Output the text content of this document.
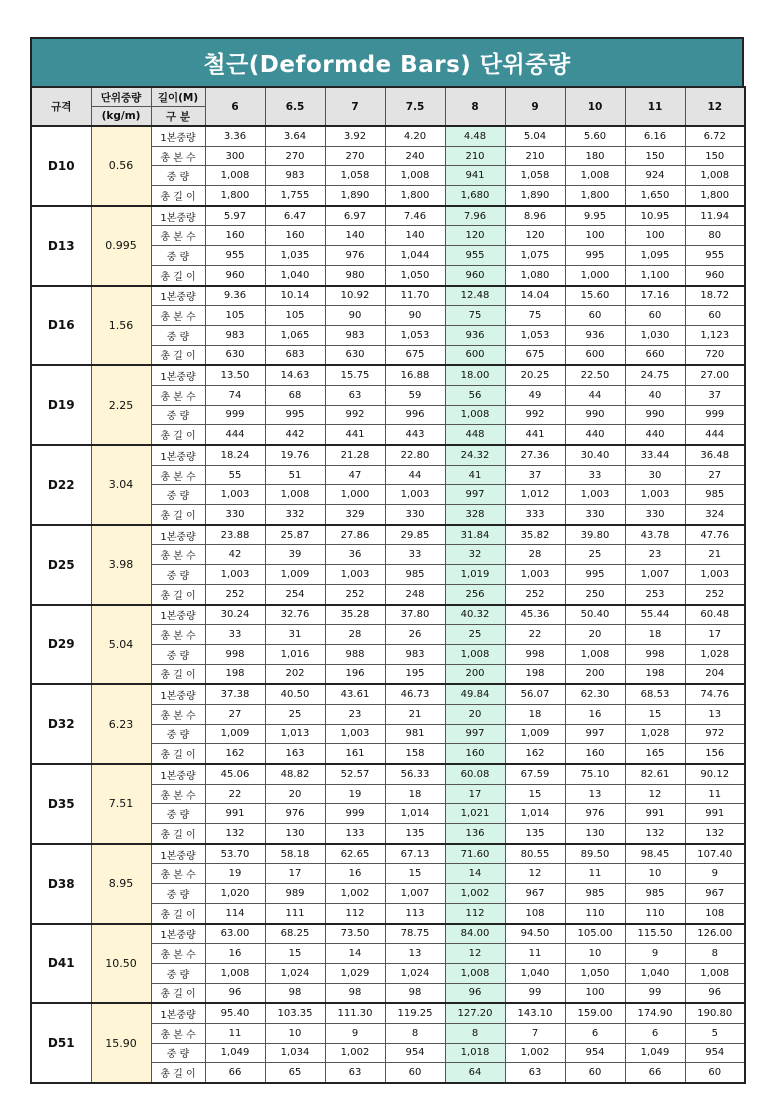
철근(Deformde Bars) 단위중량
규격	단위중량	길이(M)	6	6.5	7	7.5	8	9	10	11	12
	(kg/m)	구 분									
D10	0.56	1본중량	3.36	3.64	3.92	4.20	4.48	5.04	5.60	6.16	6.72
		총 본 수	300	270	270	240	210	210	180	150	150
		중 량	1,008	983	1,058	1,008	941	1,058	1,008	924	1,008
		총 길 이	1,800	1,755	1,890	1,800	1,680	1,890	1,800	1,650	1,800
D13	0.995	1본중량	5.97	6.47	6.97	7.46	7.96	8.96	9.95	10.95	11.94
		총 본 수	160	160	140	140	120	120	100	100	80
		중 량	955	1,035	976	1,044	955	1,075	995	1,095	955
		총 길 이	960	1,040	980	1,050	960	1,080	1,000	1,100	960
D16	1.56	1본중량	9.36	10.14	10.92	11.70	12.48	14.04	15.60	17.16	18.72
		총 본 수	105	105	90	90	75	75	60	60	60
		중 량	983	1,065	983	1,053	936	1,053	936	1,030	1,123
		총 길 이	630	683	630	675	600	675	600	660	720
D19	2.25	1본중량	13.50	14.63	15.75	16.88	18.00	20.25	22.50	24.75	27.00
		총 본 수	74	68	63	59	56	49	44	40	37
		중 량	999	995	992	996	1,008	992	990	990	999
		총 길 이	444	442	441	443	448	441	440	440	444
D22	3.04	1본중량	18.24	19.76	21.28	22.80	24.32	27.36	30.40	33.44	36.48
		총 본 수	55	51	47	44	41	37	33	30	27
		중 량	1,003	1,008	1,000	1,003	997	1,012	1,003	1,003	985
		총 길 이	330	332	329	330	328	333	330	330	324
D25	3.98	1본중량	23.88	25.87	27.86	29.85	31.84	35.82	39.80	43.78	47.76
		총 본 수	42	39	36	33	32	28	25	23	21
		중 량	1,003	1,009	1,003	985	1,019	1,003	995	1,007	1,003
		총 길 이	252	254	252	248	256	252	250	253	252
D29	5.04	1본중량	30.24	32.76	35.28	37.80	40.32	45.36	50.40	55.44	60.48
		총 본 수	33	31	28	26	25	22	20	18	17
		중 량	998	1,016	988	983	1,008	998	1,008	998	1,028
		총 길 이	198	202	196	195	200	198	200	198	204
D32	6.23	1본중량	37.38	40.50	43.61	46.73	49.84	56.07	62.30	68.53	74.76
		총 본 수	27	25	23	21	20	18	16	15	13
		중 량	1,009	1,013	1,003	981	997	1,009	997	1,028	972
		총 길 이	162	163	161	158	160	162	160	165	156
D35	7.51	1본중량	45.06	48.82	52.57	56.33	60.08	67.59	75.10	82.61	90.12
		총 본 수	22	20	19	18	17	15	13	12	11
		중 량	991	976	999	1,014	1,021	1,014	976	991	991
		총 길 이	132	130	133	135	136	135	130	132	132
D38	8.95	1본중량	53.70	58.18	62.65	67.13	71.60	80.55	89.50	98.45	107.40
		총 본 수	19	17	16	15	14	12	11	10	9
		중 량	1,020	989	1,002	1,007	1,002	967	985	985	967
		총 길 이	114	111	112	113	112	108	110	110	108
D41	10.50	1본중량	63.00	68.25	73.50	78.75	84.00	94.50	105.00	115.50	126.00
		총 본 수	16	15	14	13	12	11	10	9	8
		중 량	1,008	1,024	1,029	1,024	1,008	1,040	1,050	1,040	1,008
		총 길 이	96	98	98	98	96	99	100	99	96
D51	15.90	1본중량	95.40	103.35	111.30	119.25	127.20	143.10	159.00	174.90	190.80
		총 본 수	11	10	9	8	8	7	6	6	5
		중 량	1,049	1,034	1,002	954	1,018	1,002	954	1,049	954
		총 길 이	66	65	63	60	64	63	60	66	60
